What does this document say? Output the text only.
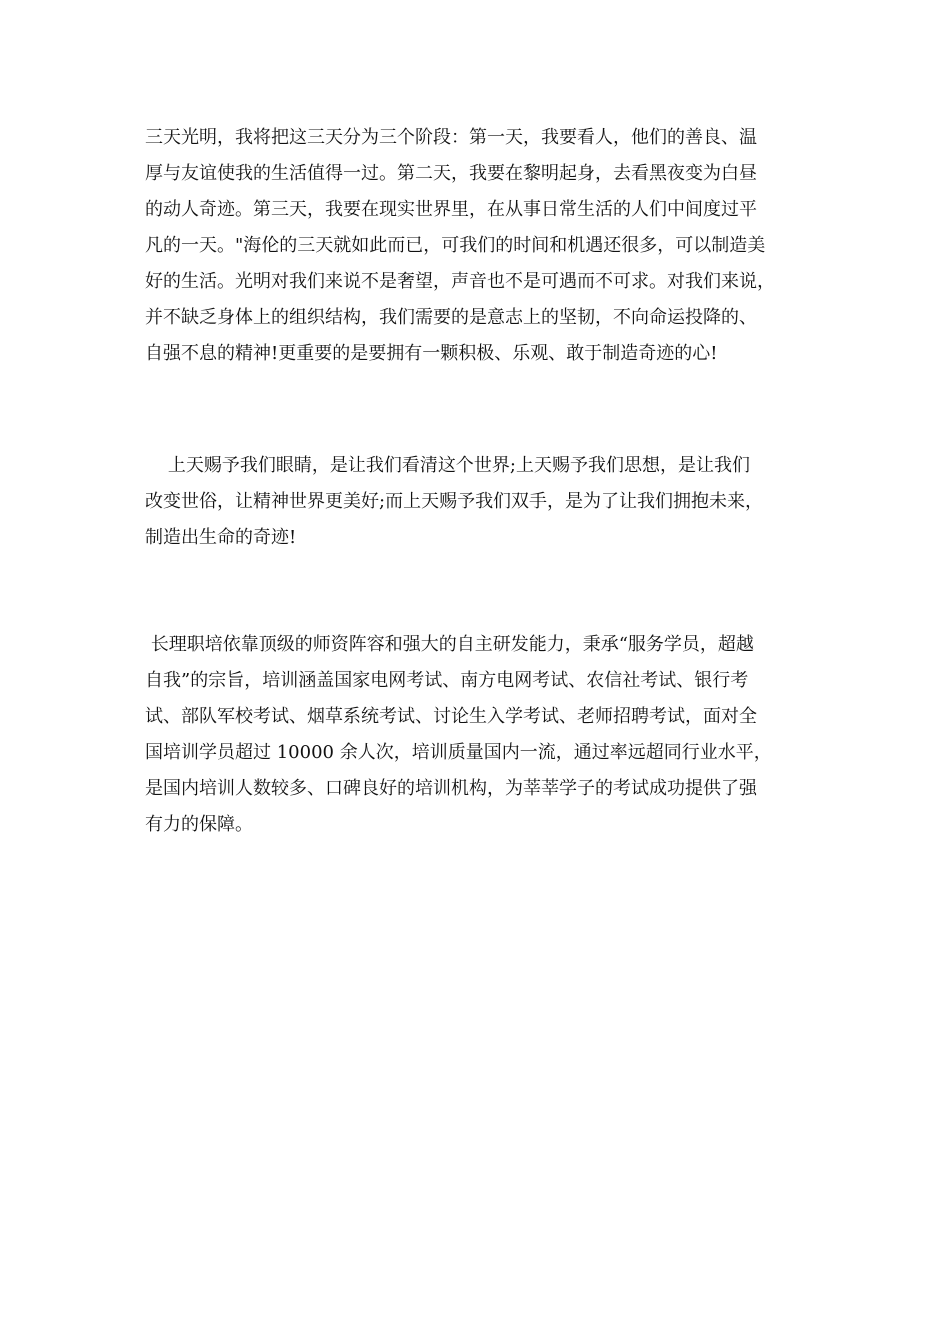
三天光明，我将把这三天分为三个阶段：第一天，我要看人，他们的善良、温
厚与友谊使我的生活值得一过。第二天，我要在黎明起身，去看黑夜变为白昼
的动人奇迹。第三天，我要在现实世界里，在从事日常生活的人们中间度过平
凡的一天。"海伦的三天就如此而已，可我们的时间和机遇还很多，可以制造美
好的生活。光明对我们来说不是奢望，声音也不是可遇而不可求。对我们来说，
并不缺乏身体上的组织结构，我们需要的是意志上的坚韧，不向命运投降的、
自强不息的精神!更重要的是要拥有一颗积极、乐观、敢于制造奇迹的心!
上天赐予我们眼睛，是让我们看清这个世界;上天赐予我们思想，是让我们
改变世俗，让精神世界更美好;而上天赐予我们双手，是为了让我们拥抱未来，
制造出生命的奇迹!
长理职培依靠顶级的师资阵容和强大的自主研发能力，秉承“服务学员，超越
自我”的宗旨，培训涵盖国家电网考试、南方电网考试、农信社考试、银行考
试、部队军校考试、烟草系统考试、讨论生入学考试、老师招聘考试，面对全
国培训学员超过 10000 余人次，培训质量国内一流，通过率远超同行业水平，
是国内培训人数较多、口碑良好的培训机构，为莘莘学子的考试成功提供了强
有力的保障。
